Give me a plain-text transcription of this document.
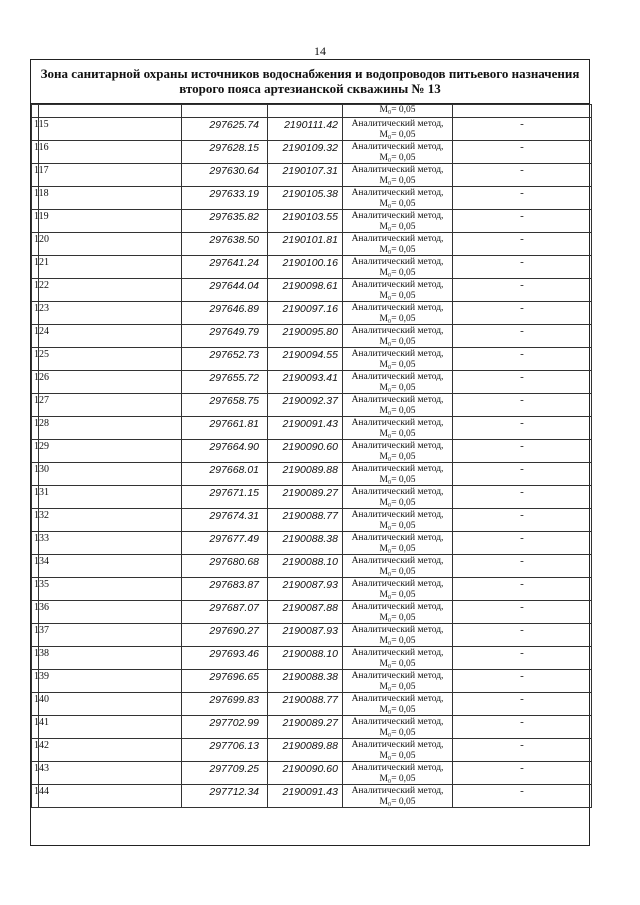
14
Зона санитарной охраны источников водоснабжения и водопроводов питьевого назначения второго пояса артезианской скважины № 13

				М₀= 0,05	

115		297625.74	2190111.42	Аналитический метод,
М₀= 0,05	-

116		297628.15	2190109.32	Аналитический метод,
М₀= 0,05	-

117		297630.64	2190107.31	Аналитический метод,
М₀= 0,05	-

118		297633.19	2190105.38	Аналитический метод,
М₀= 0,05	-

119		297635.82	2190103.55	Аналитический метод,
М₀= 0,05	-

120		297638.50	2190101.81	Аналитический метод,
М₀= 0,05	-

121		297641.24	2190100.16	Аналитический метод,
М₀= 0,05	-

122		297644.04	2190098.61	Аналитический метод,
М₀= 0,05	-

123		297646.89	2190097.16	Аналитический метод,
М₀= 0,05	-

124		297649.79	2190095.80	Аналитический метод,
М₀= 0,05	-

125		297652.73	2190094.55	Аналитический метод,
М₀= 0,05	-

126		297655.72	2190093.41	Аналитический метод,
М₀= 0,05	-

127		297658.75	2190092.37	Аналитический метод,
М₀= 0,05	-

128		297661.81	2190091.43	Аналитический метод,
М₀= 0,05	-

129		297664.90	2190090.60	Аналитический метод,
М₀= 0,05	-

130		297668.01	2190089.88	Аналитический метод,
М₀= 0,05	-

131		297671.15	2190089.27	Аналитический метод,
М₀= 0,05	-

132		297674.31	2190088.77	Аналитический метод,
М₀= 0,05	-

133		297677.49	2190088.38	Аналитический метод,
М₀= 0,05	-

134		297680.68	2190088.10	Аналитический метод,
М₀= 0,05	-

135		297683.87	2190087.93	Аналитический метод,
М₀= 0,05	-

136		297687.07	2190087.88	Аналитический метод,
М₀= 0,05	-

137		297690.27	2190087.93	Аналитический метод,
М₀= 0,05	-

138		297693.46	2190088.10	Аналитический метод,
М₀= 0,05	-

139		297696.65	2190088.38	Аналитический метод,
М₀= 0,05	-

140		297699.83	2190088.77	Аналитический метод,
М₀= 0,05	-

141		297702.99	2190089.27	Аналитический метод,
М₀= 0,05	-

142		297706.13	2190089.88	Аналитический метод,
М₀= 0,05	-

143		297709.25	2190090.60	Аналитический метод,
М₀= 0,05	-

144		297712.34	2190091.43	Аналитический метод,
М₀= 0,05	-
